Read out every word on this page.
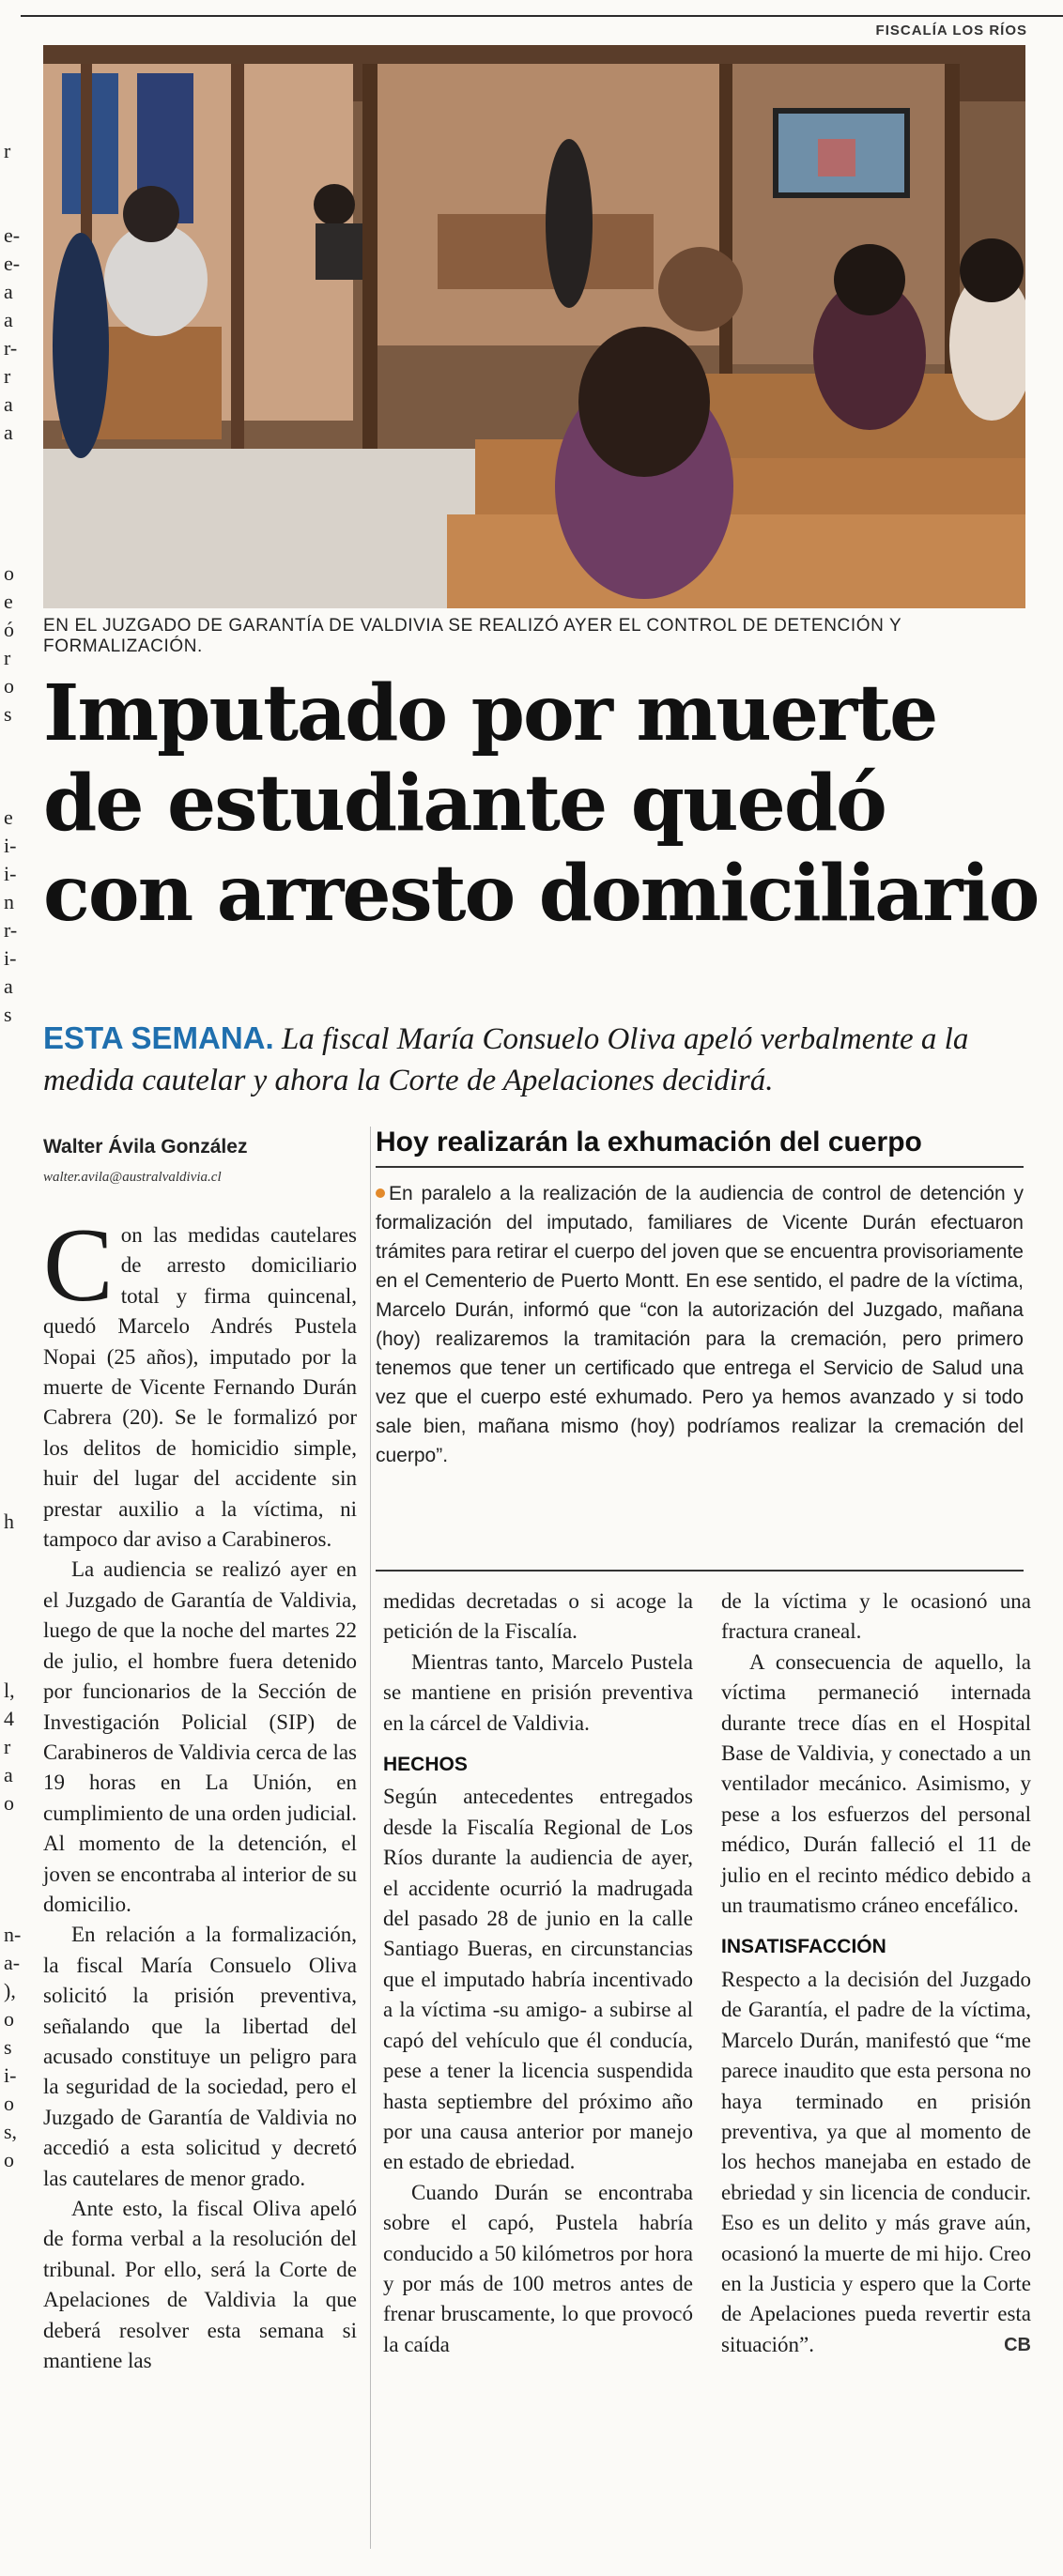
r
e-
e-
a
a
r-
r
a
a
o
e
ó
r
o
s
e
i-
i-
n
r-
i-
a
s
h
l,
4
r
a
o
n-
a-
),
o
s
i-
o
s,
o
FISCALÍA LOS RÍOS
EN EL JUZGADO DE GARANTÍA DE VALDIVIA SE REALIZÓ AYER EL CONTROL DE DETENCIÓN Y FORMALIZACIÓN.
Imputado por muerte
de estudiante quedó
con arresto domiciliario
ESTA SEMANA. La fiscal María Consuelo Oliva apeló verbalmente a la medida cautelar y ahora la Corte de Apelaciones decidirá.
Walter Ávila González
walter.avila@australvaldivia.cl
Hoy realizarán la exhumación del cuerpo

En paralelo a la realización de la audiencia de control de detención y formalización del imputado, familiares de Vicente Durán efectuaron trámites para retirar el cuerpo del joven que se encuentra provisoriamente en el Cementerio de Puerto Montt. En ese sentido, el padre de la víctima, Marcelo Durán, informó que “con la autorización del Juzgado, mañana (hoy) realizaremos la tramitación para la cremación, pero primero tenemos que tener un certificado que entrega el Servicio de Salud una vez que el cuerpo esté exhumado. Pero ya hemos avanzado y si todo sale bien, mañana mismo (hoy) podríamos realizar la cremación del cuerpo”.

Con las medidas cautelares de arresto domiciliario total y firma quincenal, quedó Marcelo Andrés Pustela Nopai (25 años), imputado por la muerte de Vicente Fernando Durán Cabrera (20). Se le formalizó por los delitos de homicidio simple, huir del lugar del accidente sin prestar auxilio a la víctima, ni tampoco dar aviso a Carabineros.

La audiencia se realizó ayer en el Juzgado de Garantía de Valdivia, luego de que la noche del martes 22 de julio, el hombre fuera detenido por funcionarios de la Sección de Investigación Policial (SIP) de Carabineros de Valdivia cerca de las 19 horas en La Unión, en cumplimiento de una orden judicial. Al momento de la detención, el joven se encontraba al interior de su domicilio.

En relación a la formalización, la fiscal María Consuelo Oliva solicitó la prisión preventiva, señalando que la libertad del acusado constituye un peligro para la seguridad de la sociedad, pero el Juzgado de Garantía de Valdivia no accedió a esta solicitud y decretó las cautelares de menor grado.

Ante esto, la fiscal Oliva apeló de forma verbal a la resolución del tribunal. Por ello, será la Corte de Apelaciones de Valdivia la que deberá resolver esta semana si mantiene las

medidas decretadas o si acoge la petición de la Fiscalía.

Mientras tanto, Marcelo Pustela se mantiene en prisión preventiva en la cárcel de Valdivia.

HECHOS

Según antecedentes entregados desde la Fiscalía Regional de Los Ríos durante la audiencia de ayer, el accidente ocurrió la madrugada del pasado 28 de junio en la calle Santiago Bueras, en circunstancias que el imputado habría incentivado a la víctima -su amigo- a subirse al capó del vehículo que él conducía, pese a tener la licencia suspendida hasta septiembre del próximo año por una causa anterior por manejo en estado de ebriedad.

Cuando Durán se encontraba sobre el capó, Pustela habría conducido a 50 kilómetros por hora y por más de 100 metros antes de frenar bruscamente, lo que provocó la caída

de la víctima y le ocasionó una fractura craneal.

A consecuencia de aquello, la víctima permaneció internada durante trece días en el Hospital Base de Valdivia, y conectado a un ventilador mecánico. Asimismo, y pese a los esfuerzos del personal médico, Durán falleció el 11 de julio en el recinto médico debido a un traumatismo cráneo encefálico.

INSATISFACCIÓN

Respecto a la decisión del Juzgado de Garantía, el padre de la víctima, Marcelo Durán, manifestó que “me parece inaudito que esta persona no haya terminado en prisión preventiva, ya que al momento de los hechos manejaba en estado de ebriedad y sin licencia de conducir. Eso es un delito y más grave aún, ocasionó la muerte de mi hijo. Creo en la Justicia y espero que la Corte de Apelaciones pueda revertir esta situación”.	CB
